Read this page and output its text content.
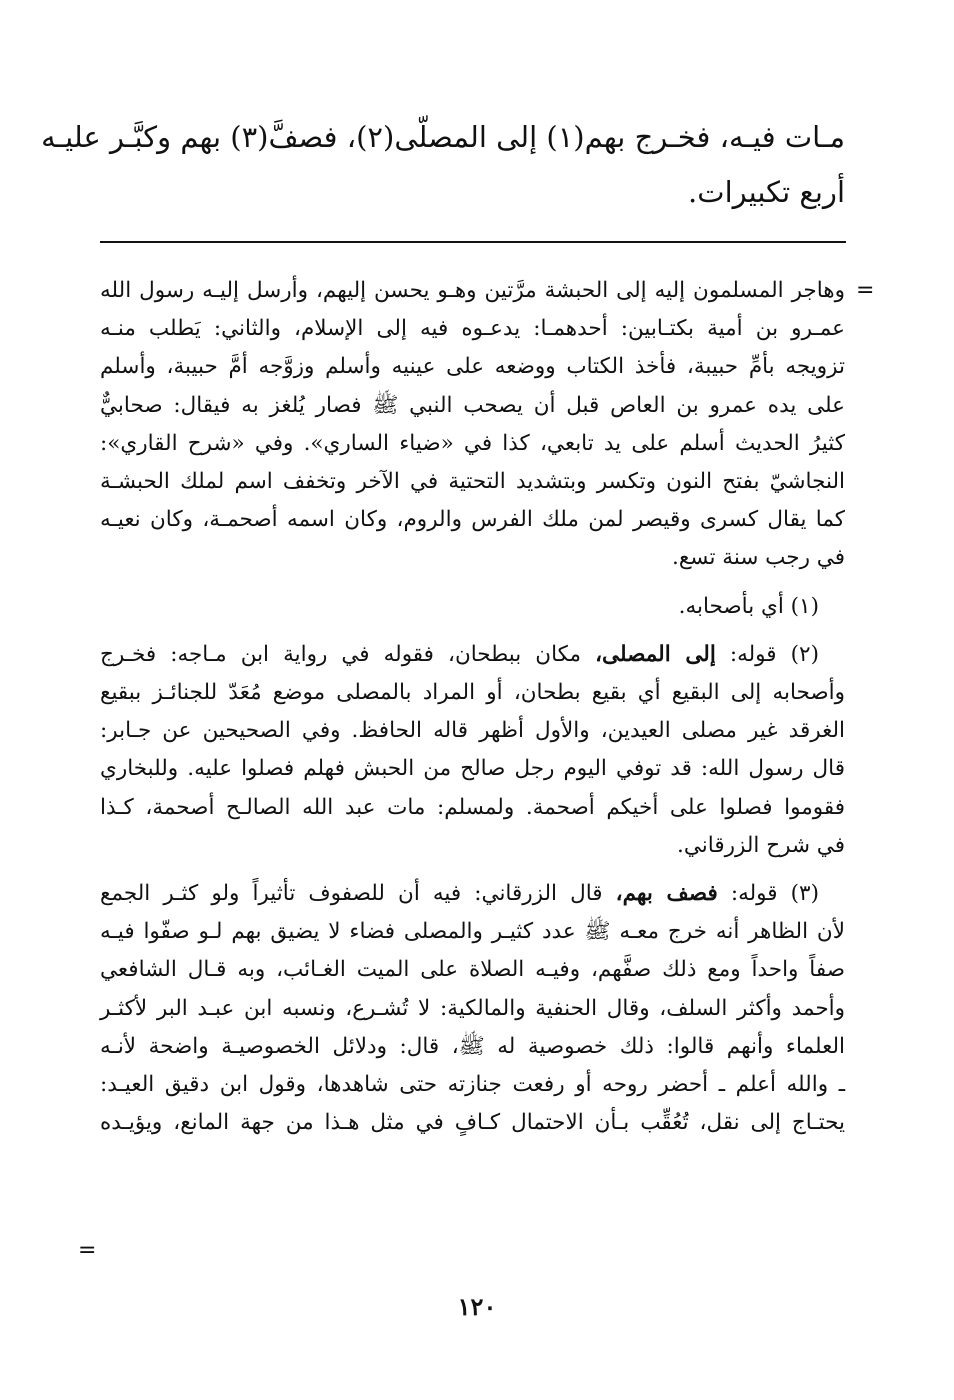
مـات فيـه، فخـرج بهم(١) إلى المصلّى(٢)، فصفَّ(٣) بهم وكبَّـر عليـه
أربع تكبيرات.
=
وهاجر المسلمون إليه إلى الحبشة مرَّتين وهـو يحسن إليهم، وأرسل إليـه رسول الله
عمـرو بن أمية بكتـابين: أحدهمـا: يدعـوه فيه إلى الإسلام، والثاني: يَطلب منـه
تزويجه بأمِّ حبيبة، فأخذ الكتاب ووضعه على عينيه وأسلم وزوَّجه أمَّ حبيبة، وأسلم
على يده عمرو بن العاص قبل أن يصحب النبي ﷺ فصار يُلغز به فيقال: صحابيٌّ
كثيرُ الحديث أسلم على يد تابعي، كذا في «ضياء الساري». وفي «شرح القاري»:
النجاشيّ بفتح النون وتكسر وبتشديد التحتية في الآخر وتخفف اسم لملك الحبشـة
كما يقال كسرى وقيصر لمن ملك الفرس والروم، وكان اسمه أصحمـة، وكان نعيـه
في رجب سنة تسع.
(١) أي بأصحابه.
(٢) قوله: إلى المصلى، مكان ببطحان، فقوله في رواية ابن مـاجه: فخـرج
وأصحابه إلى البقيع أي بقيع بطحان، أو المراد بالمصلى موضع مُعَدّ للجنائـز ببقيع
الغرقد غير مصلى العيدين، والأول أظهر قاله الحافظ. وفي الصحيحين عن جـابر:
قال رسول الله: قد توفي اليوم رجل صالح من الحبش فهلم فصلوا عليه. وللبخاري
فقوموا فصلوا على أخيكم أصحمة. ولمسلم: مات عبد الله الصالـح أصحمة، كـذا
في شرح الزرقاني.
(٣) قوله: فصف بهم، قال الزرقاني: فيه أن للصفوف تأثيراً ولو كثـر الجمع
لأن الظاهر أنه خرج معـه ﷺ عدد كثيـر والمصلى فضاء لا يضيق بهم لـو صفّوا فيـه
صفاً واحداً ومع ذلك صفَّهم، وفيـه الصلاة على الميت الغـائب، وبه قـال الشافعي
وأحمد وأكثر السلف، وقال الحنفية والمالكية: لا تُشـرع، ونسبه ابن عبـد البر لأكثـر
العلماء وأنهم قالوا: ذلك خصوصية له ﷺ، قال: ودلائل الخصوصيـة واضحة لأنـه
ـ والله أعلم ـ أحضر روحه أو رفعت جنازته حتى شاهدها، وقول ابن دقيق العيـد:
يحتـاج إلى نقل، تُعُقِّب بـأن الاحتمال كـافٍ في مثل هـذا من جهة المانع، ويؤيـده
=
١٢٠
